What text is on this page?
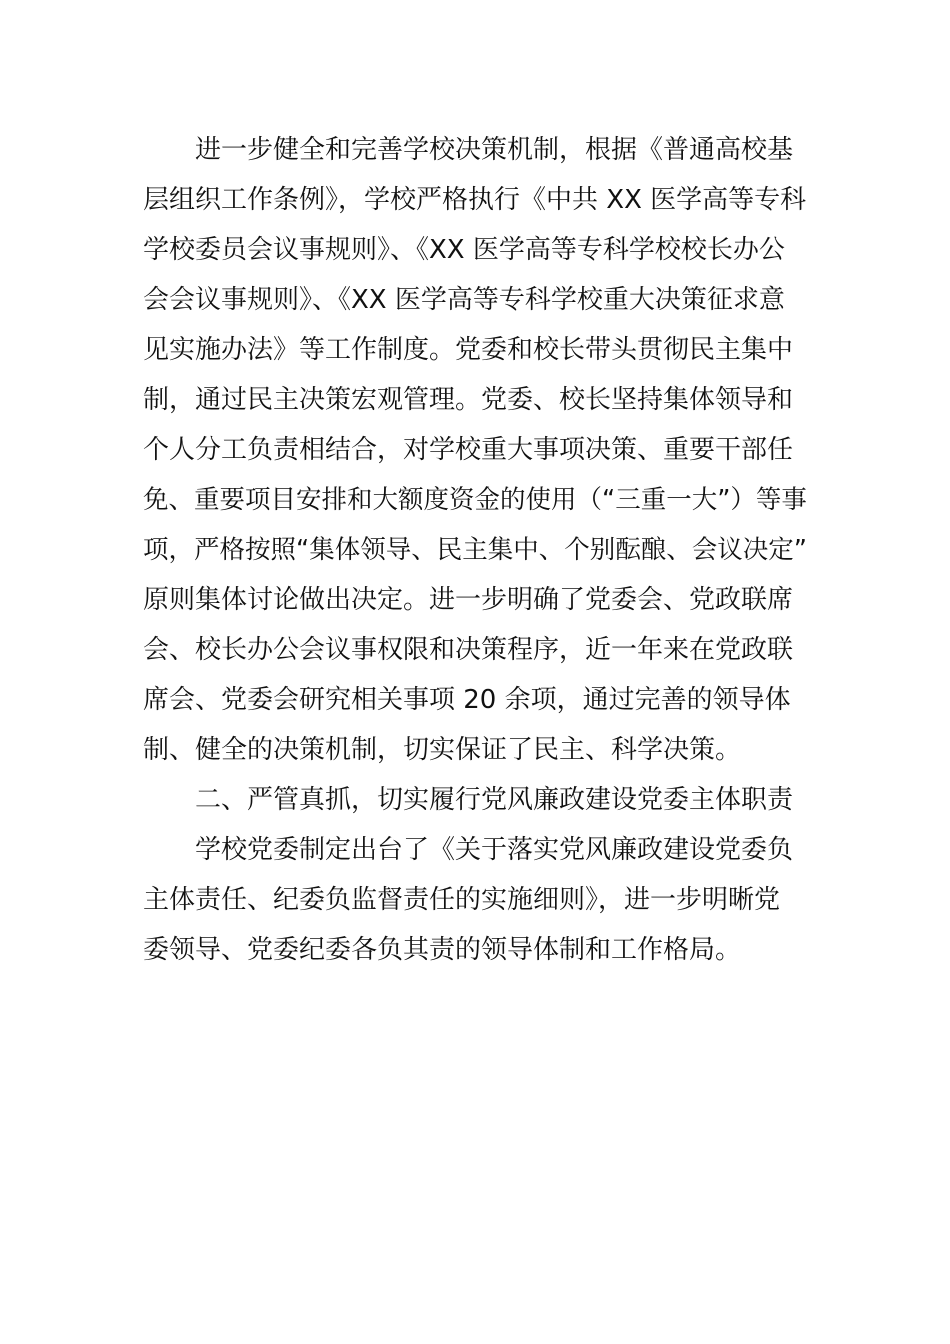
进一步健全和完善学校决策机制，根据《普通高校基

层组织工作条例》，学校严格执行《中共 XX 医学高等专科

学校委员会议事规则》、《XX 医学高等专科学校校长办公

会会议事规则》、《XX 医学高等专科学校重大决策征求意

见实施办法》等工作制度。党委和校长带头贯彻民主集中

制，通过民主决策宏观管理。党委、校长坚持集体领导和

个人分工负责相结合，对学校重大事项决策、重要干部任

免、重要项目安排和大额度资金的使用（“三重一大”）等事

项，严格按照“集体领导、民主集中、个别酝酿、会议决定”

原则集体讨论做出决定。进一步明确了党委会、党政联席

会、校长办公会议事权限和决策程序，近一年来在党政联

席会、党委会研究相关事项 20 余项，通过完善的领导体

制、健全的决策机制，切实保证了民主、科学决策。

二、严管真抓，切实履行党风廉政建设党委主体职责

学校党委制定出台了《关于落实党风廉政建设党委负

主体责任、纪委负监督责任的实施细则》，进一步明晰党

委领导、党委纪委各负其责的领导体制和工作格局。
